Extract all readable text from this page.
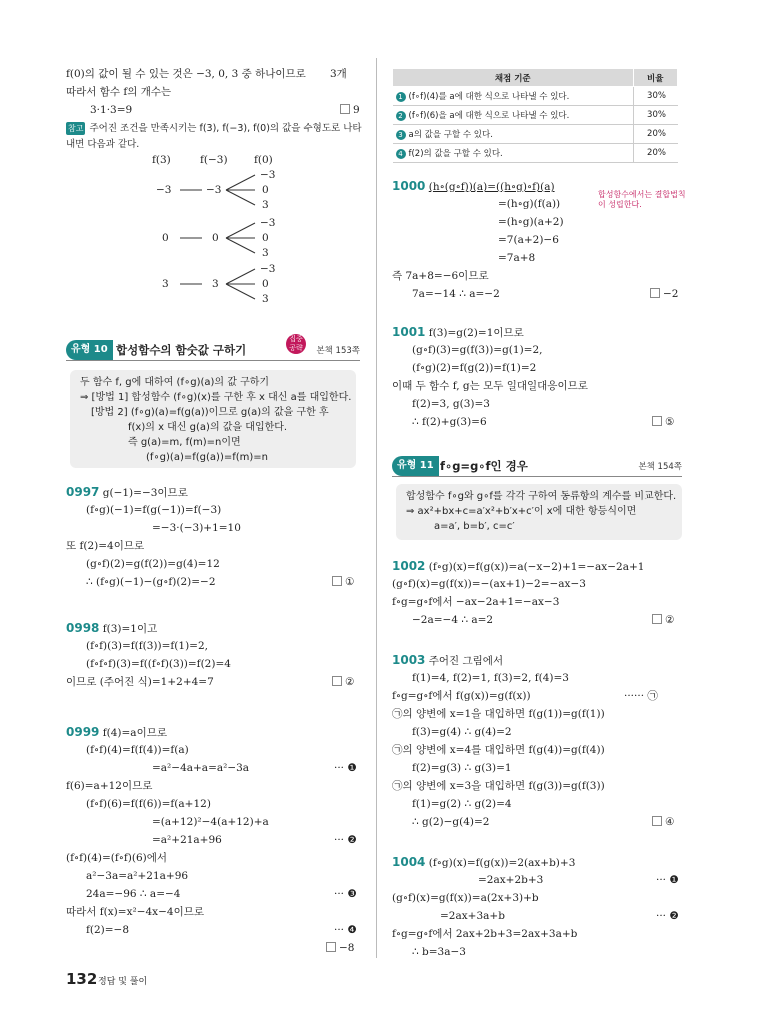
f(0)의 값이 될 수 있는 것은 −3, 0, 3 중 하나이므로 3개
따라서 함수 f의 개수는
3·1·3=9	9
참고 주어진 조건을 만족시키는 f(3), f(−3), f(0)의 값을 수형도로 나타
내면 다음과 같다.
f(3)	f(−3)	f(0)
−3	−3
−3
0
3
0	0
−3
0
3
3	3
−3
0
3
유형 10 합성함수의 함숫값 구하기
집중
공략	본책 153쪽
두 함수 f, g에 대하여 (f∘g)(a)의 값 구하기
⇒ [방법 1] 합성함수 (f∘g)(x)를 구한 후 x 대신 a를 대입한다.
[방법 2] (f∘g)(a)=f(g(a))이므로 g(a)의 값을 구한 후
f(x)의 x 대신 g(a)의 값을 대입한다.
즉 g(a)=m, f(m)=n이면
(f∘g)(a)=f(g(a))=f(m)=n
0997 g(−1)=−3이므로
(f∘g)(−1)=f(g(−1))=f(−3)
=−3·(−3)+1=10
또 f(2)=4이므로
(g∘f)(2)=g(f(2))=g(4)=12
∴ (f∘g)(−1)−(g∘f)(2)=−2	①
0998 f(3)=1이고
(f∘f)(3)=f(f(3))=f(1)=2,
(f∘f∘f)(3)=f((f∘f)(3))=f(2)=4
이므로 (주어진 식)=1+2+4=7	②
0999 f(4)=a이므로
(f∘f)(4)=f(f(4))=f(a)
=a²−4a+a=a²−3a	··· ❶
f(6)=a+12이므로
(f∘f)(6)=f(f(6))=f(a+12)
=(a+12)²−4(a+12)+a
=a²+21a+96	··· ❷
(f∘f)(4)=(f∘f)(6)에서
a²−3a=a²+21a+96
24a=−96 ∴ a=−4	··· ❸
따라서 f(x)=x²−4x−4이므로
f(2)=−8	··· ❹
−8
132 정답 및 풀이
채점 기준	비율
1 (f∘f)(4)를 a에 대한 식으로 나타낼 수 있다.	30%
2 (f∘f)(6)을 a에 대한 식으로 나타낼 수 있다.	30%
3 a의 값을 구할 수 있다.	20%
4 f(2)의 값을 구할 수 있다.	20%
1000 (h∘(g∘f))(a)=((h∘g)∘f)(a)
=(h∘g)(f(a))
=(h∘g)(a+2)
=7(a+2)−6
=7a+8
합성함수에서는 결합법칙
이 성립한다.
즉 7a+8=−6이므로
7a=−14 ∴ a=−2	−2
1001 f(3)=g(2)=1이므로
(g∘f)(3)=g(f(3))=g(1)=2,
(f∘g)(2)=f(g(2))=f(1)=2
이때 두 함수 f, g는 모두 일대일대응이므로
f(2)=3, g(3)=3
∴ f(2)+g(3)=6	⑤
유형 11 f∘g=g∘f인 경우	본책 154쪽
합성함수 f∘g와 g∘f를 각각 구하여 동류항의 계수를 비교한다.
⇒ ax²+bx+c=a′x²+b′x+c′이 x에 대한 항등식이면
a=a′, b=b′, c=c′
1002 (f∘g)(x)=f(g(x))=a(−x−2)+1=−ax−2a+1
(g∘f)(x)=g(f(x))=−(ax+1)−2=−ax−3
f∘g=g∘f에서 −ax−2a+1=−ax−3
−2a=−4 ∴ a=2	②
1003 주어진 그림에서
f(1)=4, f(2)=1, f(3)=2, f(4)=3
f∘g=g∘f에서 f(g(x))=g(f(x))	······ ㉠
㉠의 양변에 x=1을 대입하면 f(g(1))=g(f(1))
f(3)=g(4) ∴ g(4)=2
㉠의 양변에 x=4를 대입하면 f(g(4))=g(f(4))
f(2)=g(3) ∴ g(3)=1
㉠의 양변에 x=3을 대입하면 f(g(3))=g(f(3))
f(1)=g(2) ∴ g(2)=4
∴ g(2)−g(4)=2	④
1004 (f∘g)(x)=f(g(x))=2(ax+b)+3
=2ax+2b+3	··· ❶
(g∘f)(x)=g(f(x))=a(2x+3)+b
=2ax+3a+b	··· ❷
f∘g=g∘f에서 2ax+2b+3=2ax+3a+b
∴ b=3a−3
